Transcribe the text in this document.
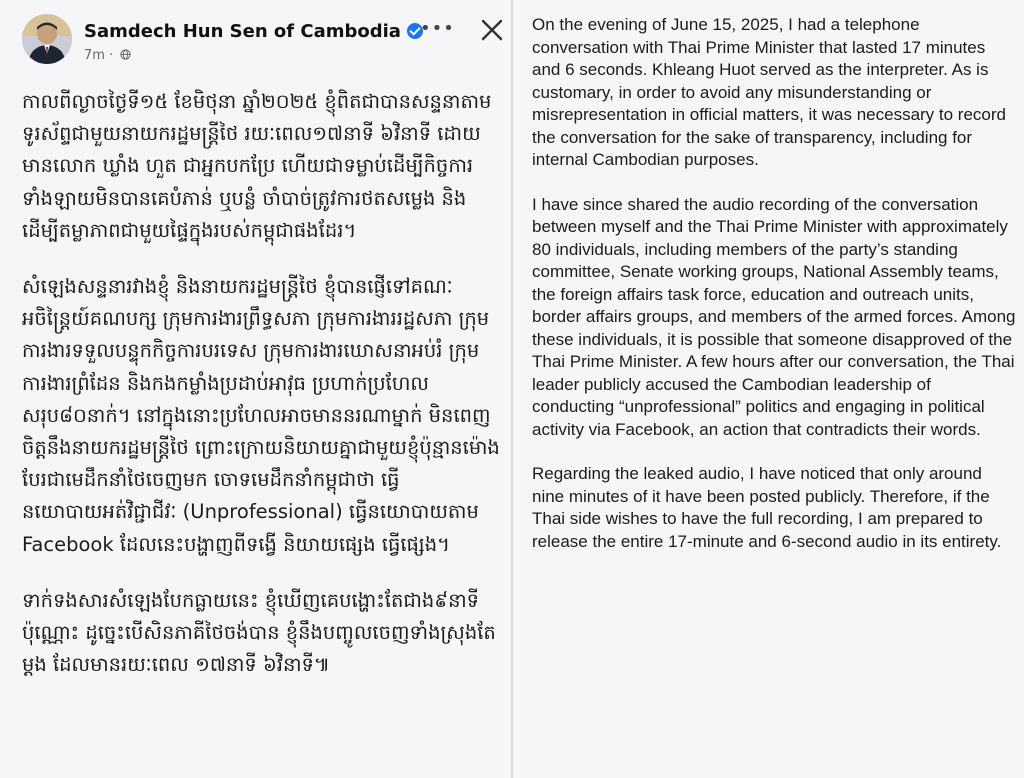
Samdech Hun Sen of Cambodia
7m ·
•••

កាលពីល្ងាចថ្ងៃទី១៥ ខែមិថុនា ឆ្នាំ២០២៥ ខ្ញុំពិតជាបានសន្ទនាតាមទូរស័ព្ទជាមួយនាយករដ្ឋមន្ត្រីថៃ រយៈពេល១៧នាទី ៦វិនាទី ដោយមានលោក ឃ្លាំង ហួត ជាអ្នកបកប្រែ ហើយជាទម្លាប់ដើម្បីកិច្ចការទាំងឡាយមិនបានគេបំភាន់ ឬបន្លំ ចាំបាច់ត្រូវការថតសម្លេង និងដើម្បីតម្លាភាពជាមួយផ្ទៃក្នុងរបស់កម្ពុជាផងដែរ។

សំឡេងសន្ទនារវាងខ្ញុំ និងនាយករដ្ឋមន្ត្រីថៃ ខ្ញុំបានផ្ញើទៅគណៈអចិន្ត្រៃយ៍គណបក្ស ក្រុមការងារព្រឹទ្ធសភា ក្រុមការងាររដ្ឋសភា ក្រុមការងារទទួលបន្ទុកកិច្ចការបរទេស ក្រុមការងារឃោសនាអប់រំ ក្រុមការងារព្រំដែន និងកងកម្លាំងប្រដាប់អាវុធ ប្រហាក់ប្រហែលសរុប៨០នាក់។ នៅក្នុងនោះប្រហែលអាចមាននរណាម្នាក់ មិនពេញចិត្តនឹងនាយករដ្ឋមន្ត្រីថៃ ព្រោះក្រោយនិយាយគ្នាជាមួយខ្ញុំប៉ុន្មានម៉ោង បែរជាមេដឹកនាំថៃចេញមក ចោទមេដឹកនាំកម្ពុជាថា ធ្វើនយោបាយអត់វិជ្ជាជីវៈ (Unprofessional) ធ្វើនយោបាយតាម Facebook ដែលនេះបង្ហាញពីទង្វើ និយាយផ្សេង ធ្វើផ្សេង។

ទាក់ទងសារសំឡេងបែកធ្លាយនេះ ខ្ញុំឃើញគេបង្ហោះតែជាង៩នាទីប៉ុណ្ណោះ ដូច្នេះបើសិនភាគីថៃចង់បាន ខ្ញុំនឹងបញ្ចូលចេញទាំងស្រុងតែម្តង ដែលមានរយៈពេល ១៧នាទី ៦វិនាទី៕

On the evening of June 15, 2025, I had a telephone conversation with Thai Prime Minister that lasted 17 minutes and 6 seconds. Khleang Huot served as the interpreter. As is customary, in order to avoid any misunderstanding or misrepresentation in official matters, it was necessary to record the conversation for the sake of transparency, including for internal Cambodian purposes.

I have since shared the audio recording of the conversation between myself and the Thai Prime Minister with approximately 80 individuals, including members of the party’s standing committee, Senate working groups, National Assembly teams, the foreign affairs task force, education and outreach units, border affairs groups, and members of the armed forces. Among these individuals, it is possible that someone disapproved of the Thai Prime Minister. A few hours after our conversation, the Thai leader publicly accused the Cambodian leadership of conducting “unprofessional” politics and engaging in political activity via Facebook, an action that contradicts their words.

Regarding the leaked audio, I have noticed that only around nine minutes of it have been posted publicly. Therefore, if the Thai side wishes to have the full recording, I am prepared to release the entire 17-minute and 6-second audio in its entirety.
